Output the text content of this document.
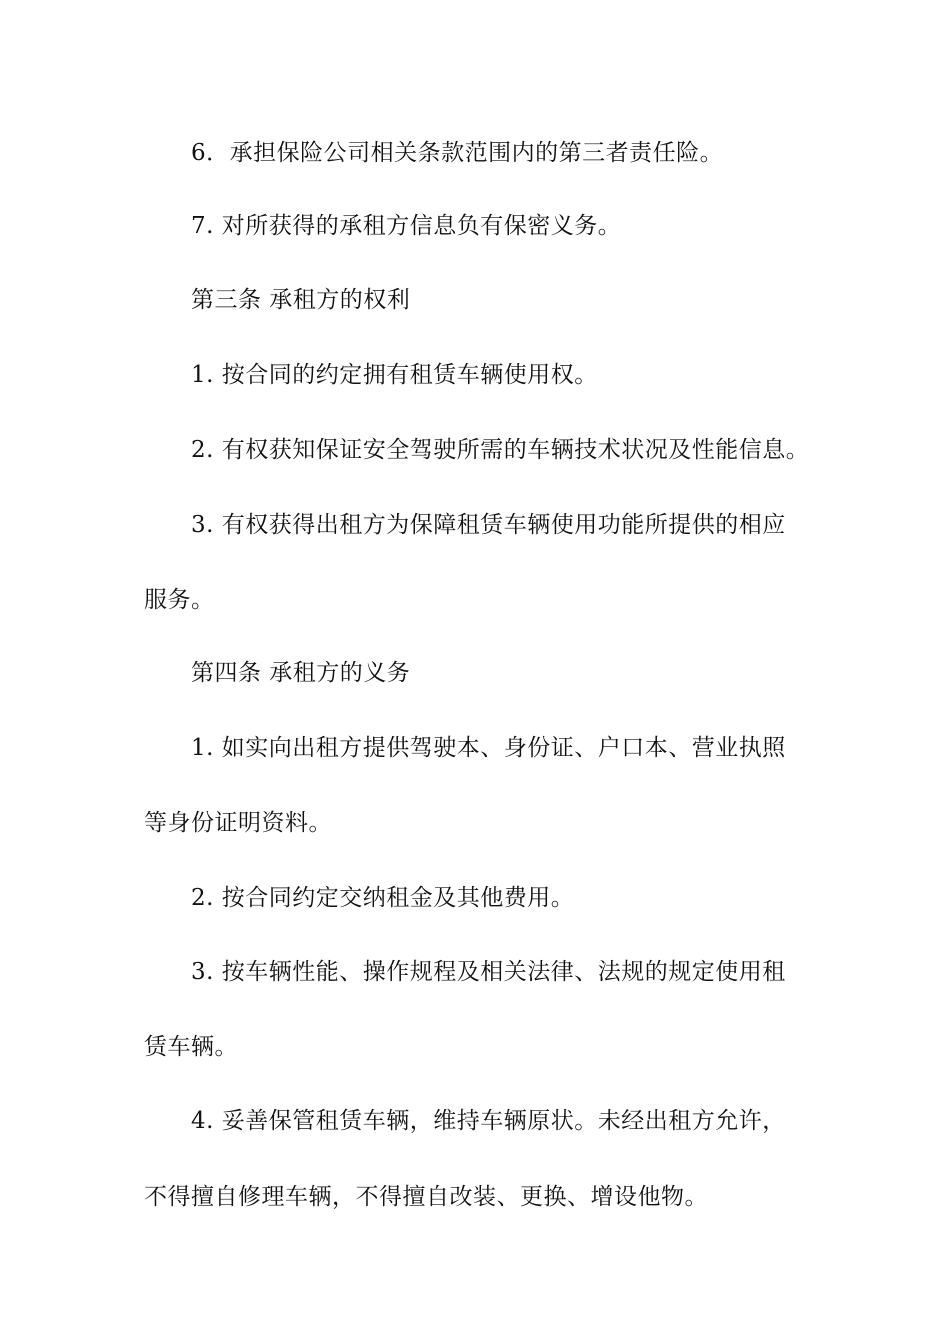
6．承担保险公司相关条款范围内的第三者责任险。
7. 对所获得的承租方信息负有保密义务。
第三条 承租方的权利
1. 按合同的约定拥有租赁车辆使用权。
2. 有权获知保证安全驾驶所需的车辆技术状况及性能信息。
3. 有权获得出租方为保障租赁车辆使用功能所提供的相应
服务。
第四条 承租方的义务
1. 如实向出租方提供驾驶本、身份证、户口本、营业执照
等身份证明资料。
2. 按合同约定交纳租金及其他费用。
3. 按车辆性能、操作规程及相关法律、法规的规定使用租
赁车辆。
4. 妥善保管租赁车辆，维持车辆原状。未经出租方允许，
不得擅自修理车辆，不得擅自改装、更换、增设他物。
